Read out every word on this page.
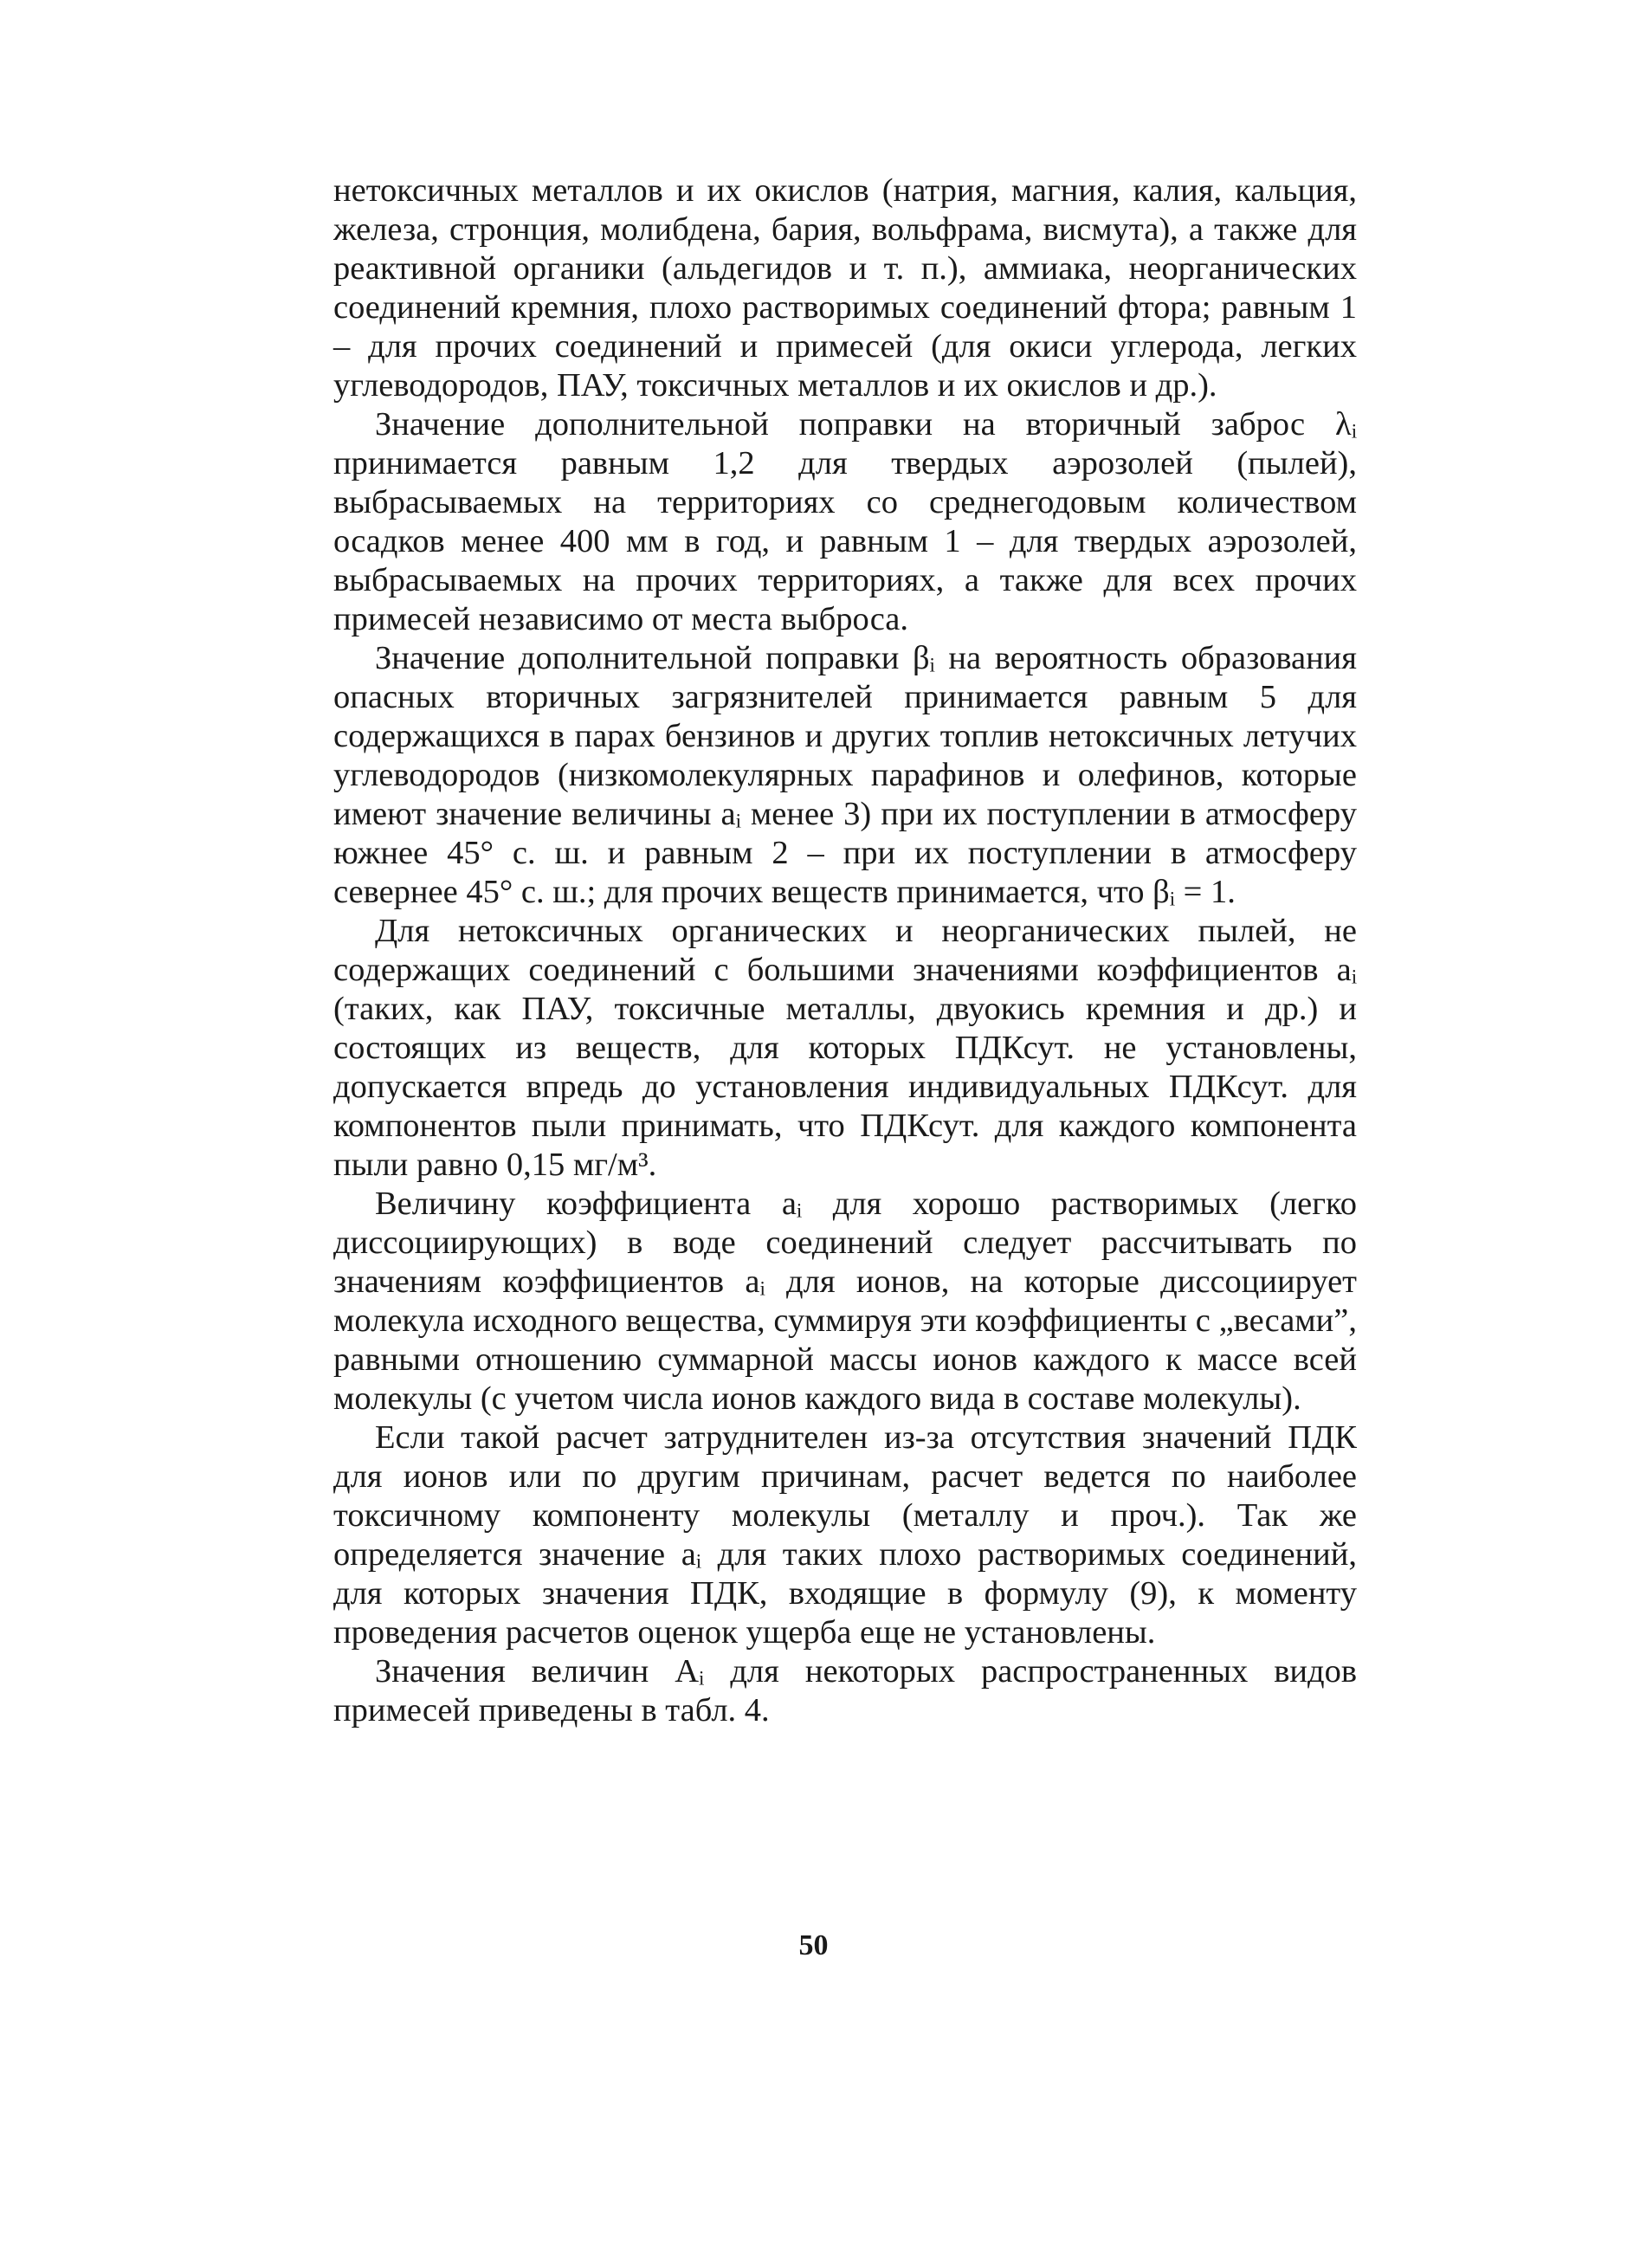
нетоксичных металлов и их окислов (натрия, магния, калия, кальция, железа, стронция, молибдена, бария, вольфрама, висмута), а также для реактивной органики (альдегидов и т. п.), аммиака, неорганических соединений кремния, плохо растворимых соединений фтора; равным 1 – для прочих соединений и примесей (для окиси углерода, легких углеводородов, ПАУ, токсичных металлов и их окислов и др.).

Значение дополнительной поправки на вторичный заброс λᵢ принимается равным 1,2 для твердых аэрозолей (пылей), выбрасываемых на территориях со среднегодовым количеством осадков менее 400 мм в год, и равным 1 – для твердых аэрозолей, выбрасываемых на прочих территориях, а также для всех прочих примесей независимо от места выброса.

Значение дополнительной поправки βᵢ на вероятность образования опасных вторичных загрязнителей принимается равным 5 для содержащихся в парах бензинов и других топлив нетоксичных летучих углеводородов (низкомолекулярных парафинов и олефинов, которые имеют значение величины aᵢ менее 3) при их поступлении в атмосферу южнее 45° с. ш. и равным 2 – при их поступлении в атмосферу севернее 45° с. ш.; для прочих веществ принимается, что βᵢ = 1.

Для нетоксичных органических и неорганических пылей, не содержащих соединений с большими значениями коэффициентов aᵢ (таких, как ПАУ, токсичные металлы, двуокись кремния и др.) и состоящих из веществ, для которых ПДКсут. не установлены, допускается впредь до установления индивидуальных ПДКсут. для компонентов пыли принимать, что ПДКсут. для каждого компонента пыли равно 0,15 мг/м³.

Величину коэффициента aᵢ для хорошо растворимых (легко диссоциирующих) в воде соединений следует рассчитывать по значениям коэффициентов aᵢ для ионов, на которые диссоциирует молекула исходного вещества, суммируя эти коэффициенты с „весами”, равными отношению суммарной массы ионов каждого к массе всей молекулы (с учетом числа ионов каждого вида в составе молекулы).

Если такой расчет затруднителен из-за отсутствия значений ПДК для ионов или по другим причинам, расчет ведется по наиболее токсичному компоненту молекулы (металлу и проч.). Так же определяется значение aᵢ для таких плохо растворимых соединений, для которых значения ПДК, входящие в формулу (9), к моменту проведения расчетов оценок ущерба еще не установлены.

Значения величин Aᵢ для некоторых распространенных видов примесей приведены в табл. 4.

50
